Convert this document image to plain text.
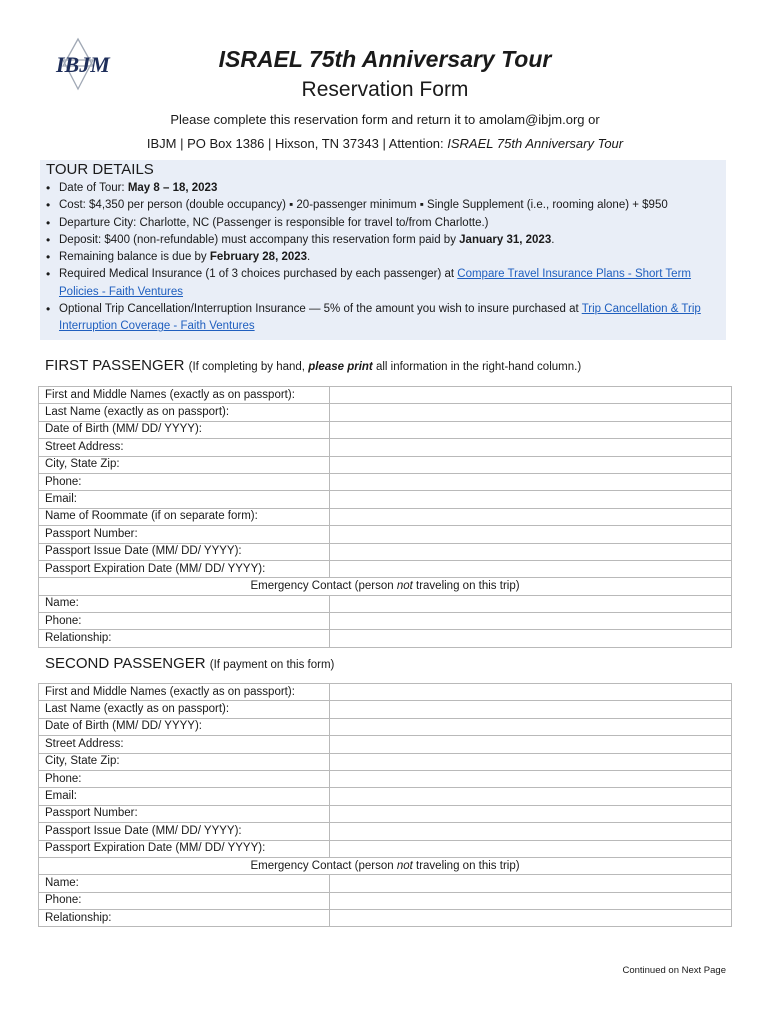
IBJM	ISRAEL 75th Anniversary Tour
Reservation Form
Please complete this reservation form and return it to amolam@ibjm.org or
IBJM | PO Box 1386 | Hixson, TN 37343 | Attention: ISRAEL 75th Anniversary Tour
TOUR DETAILS
• Date of Tour: May 8 – 18, 2023
• Cost: $4,350 per person (double occupancy) ▪ 20-passenger minimum ▪ Single Supplement (i.e., rooming alone) + $950
• Departure City: Charlotte, NC (Passenger is responsible for travel to/from Charlotte.)
• Deposit: $400 (non-refundable) must accompany this reservation form paid by January 31, 2023.
• Remaining balance is due by February 28, 2023.
• Required Medical Insurance (1 of 3 choices purchased by each passenger) at Compare Travel Insurance Plans - Short Term Policies - Faith Ventures
• Optional Trip Cancellation/Interruption Insurance — 5% of the amount you wish to insure purchased at Trip Cancellation & Trip Interruption Coverage - Faith Ventures
FIRST PASSENGER (If completing by hand, please print all information in the right-hand column.)
First and Middle Names (exactly as on passport):	
Last Name (exactly as on passport):	
Date of Birth (MM/ DD/ YYYY):	
Street Address:	
City, State Zip:	
Phone:	
Email:	
Name of Roommate (if on separate form):	
Passport Number:	
Passport Issue Date (MM/ DD/ YYYY):	
Passport Expiration Date (MM/ DD/ YYYY):	
Emergency Contact (person not traveling on this trip)	
Name:	
Phone:	
Relationship:	
SECOND PASSENGER (If payment on this form)
First and Middle Names (exactly as on passport):	
Last Name (exactly as on passport):	
Date of Birth (MM/ DD/ YYYY):	
Street Address:	
City, State Zip:	
Phone:	
Email:	
Passport Number:	
Passport Issue Date (MM/ DD/ YYYY):	
Passport Expiration Date (MM/ DD/ YYYY):	
Emergency Contact (person not traveling on this trip)	
Name:	
Phone:	
Relationship:	
Continued on Next Page
